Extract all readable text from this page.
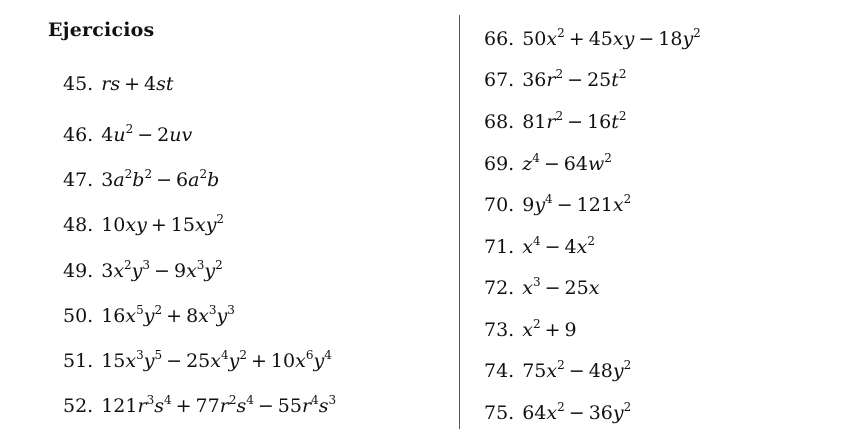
Ejercicios
45. rs + 4st
46. $4u^2 - 2uv$
47. $3a^2b^2 - 6a^2b$
48. $10xy + 15xy^2$
49. $3x^2y^3 - 9x^3y^2$
50. $16x^5y^2 + 8x^3y^3$
51. $15x^3y^5 - 25x^4y^2 + 10x^6y^4$
52. $121r^3s^4 + 77r^2s^4 - 55r^4s^3$
66. $50x^2 + 45xy - 18y^2$
67. $36r^2 - 25t^2$
68. $81r^2 - 16t^2$
69. $z^4 - 64w^2$
70. $9y^4 - 121x^2$
71. $x^4 - 4x^2$
72. $x^3 - 25x$
73. $x^2 + 9$
74. $75x^2 - 48y^2$
75. $64x^2 - 36y^2$
